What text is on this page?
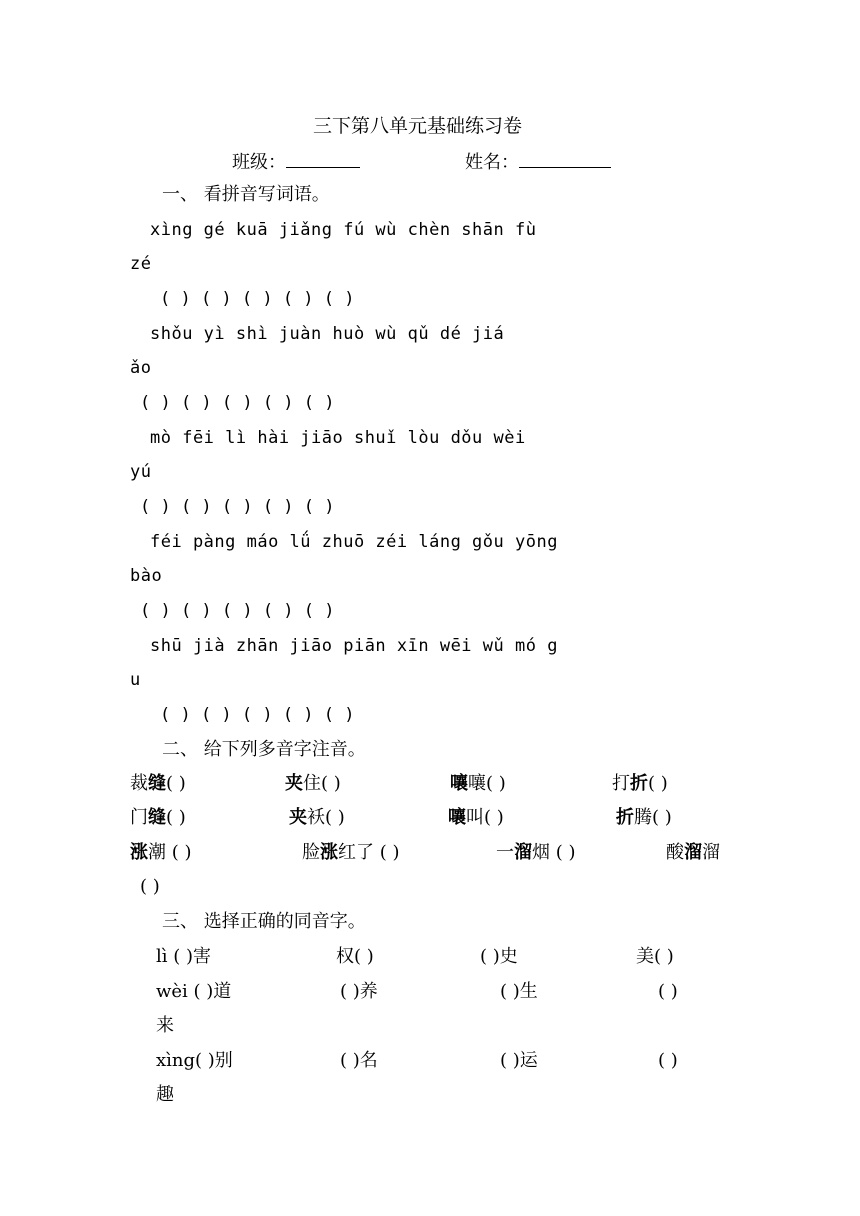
三下第八单元基础练习卷
班级：	姓名：
一、 看拼音写词语。
xìng gé kuā jiǎng fú wù chèn shān fù
zé
( ) ( ) ( ) ( ) ( )
shǒu yì shì juàn huò wù qǔ dé jiá
ǎo
( ) ( ) ( ) ( ) ( )
mò fēi lì hài jiāo shuǐ lòu dǒu wèi
yú
( ) ( ) ( ) ( ) ( )
féi pàng máo lǘ zhuō zéi láng gǒu yōng
bào
( ) ( ) ( ) ( ) ( )
shū jià zhān jiāo piān xīn wēi wǔ mó g
u
( ) ( ) ( ) ( ) ( )
二、 给下列多音字注音。
裁缝( )	夹住( )	嚷嚷( )	打折( )
门缝( )	夹袄( )	嚷叫( )	折腾( )
涨潮 ( )	脸涨红了 ( )	一溜烟 ( )	酸溜溜
( )
三、 选择正确的同音字。
lì ( )害	权( )	( )史	美( )
wèi ( )道	( )养	( )生	( )
来
xìng( )别	( )名	( )运	( )
趣
